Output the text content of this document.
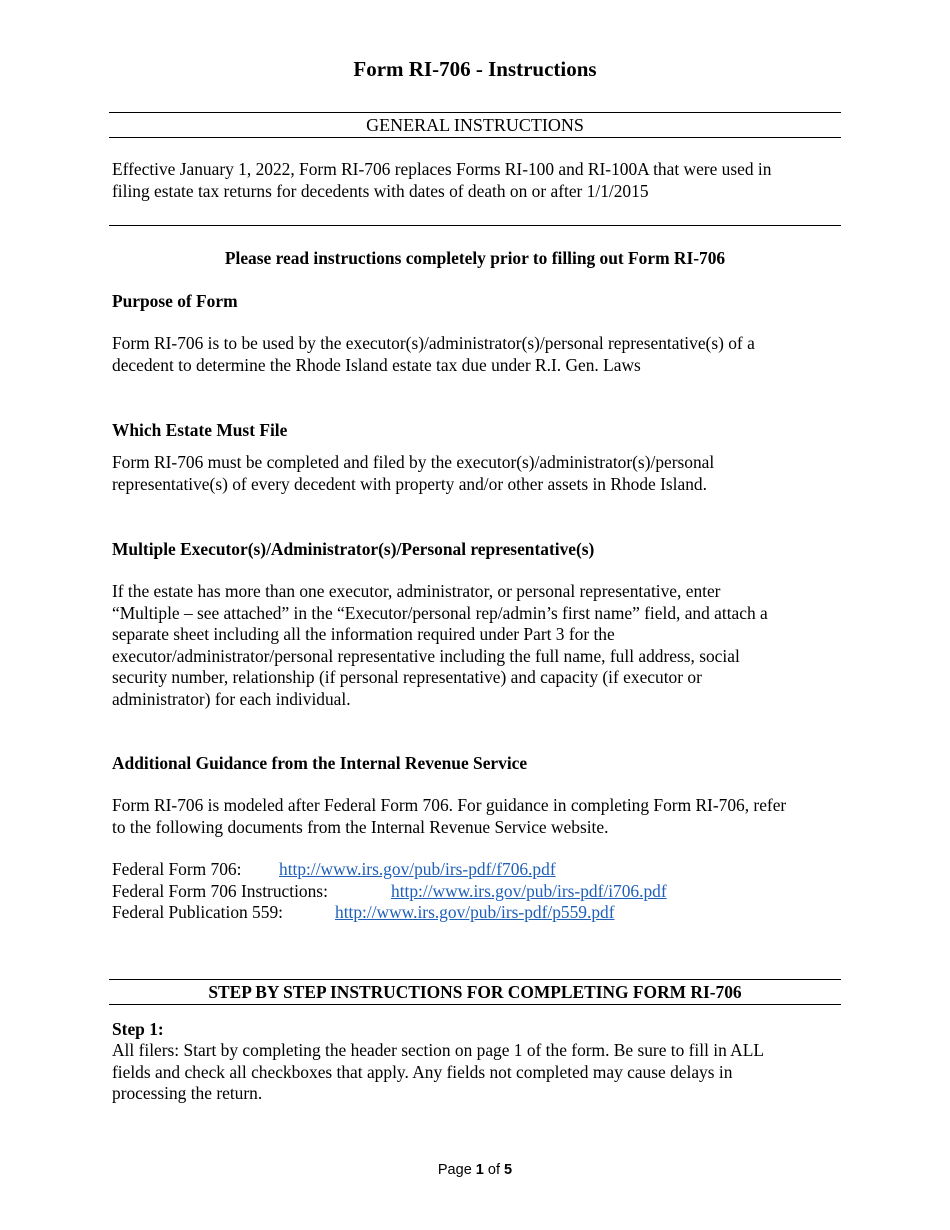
Form RI-706 - Instructions
GENERAL INSTRUCTIONS
Effective January 1, 2022, Form RI-706 replaces Forms RI-100 and RI-100A that were used in
filing estate tax returns for decedents with dates of death on or after 1/1/2015
Please read instructions completely prior to filling out Form RI-706
Purpose of Form
Form RI-706 is to be used by the executor(s)/administrator(s)/personal representative(s) of a
decedent to determine the Rhode Island estate tax due under R.I. Gen. Laws
Which Estate Must File
Form RI-706 must be completed and filed by the executor(s)/administrator(s)/personal
representative(s) of every decedent with property and/or other assets in Rhode Island.
Multiple Executor(s)/Administrator(s)/Personal representative(s)
If the estate has more than one executor, administrator, or personal representative, enter
“Multiple – see attached” in the “Executor/personal rep/admin’s first name” field, and attach a
separate sheet including all the information required under Part 3 for the
executor/administrator/personal representative including the full name, full address, social
security number, relationship (if personal representative) and capacity (if executor or
administrator) for each individual.
Additional Guidance from the Internal Revenue Service
Form RI-706 is modeled after Federal Form 706. For guidance in completing Form RI-706, refer
to the following documents from the Internal Revenue Service website.
Federal Form 706: http://www.irs.gov/pub/irs-pdf/f706.pdf
Federal Form 706 Instructions:	http://www.irs.gov/pub/irs-pdf/i706.pdf
Federal Publication 559:	http://www.irs.gov/pub/irs-pdf/p559.pdf
STEP BY STEP INSTRUCTIONS FOR COMPLETING FORM RI-706
Step 1:
All filers: Start by completing the header section on page 1 of the form. Be sure to fill in ALL
fields and check all checkboxes that apply. Any fields not completed may cause delays in
processing the return.
Page 1 of 5
